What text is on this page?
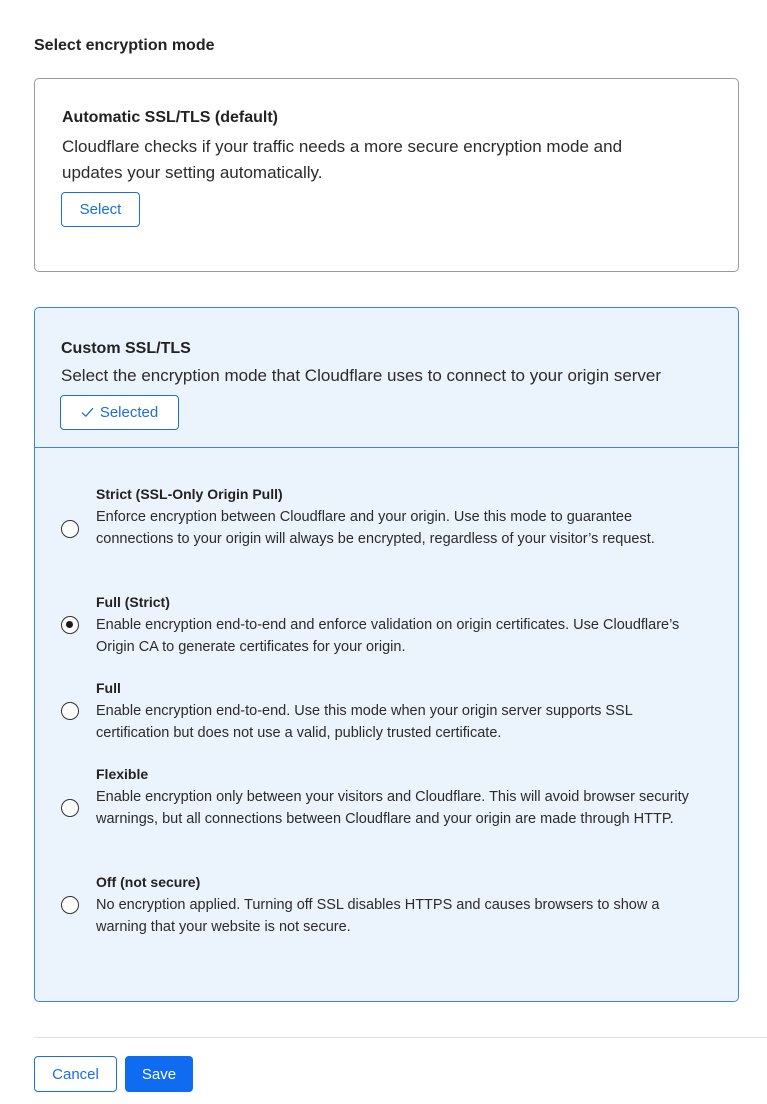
Select encryption mode
Automatic SSL/TLS (default)
Cloudflare checks if your traffic needs a more secure encryption mode and updates your setting automatically.
Select
Custom SSL/TLS
Select the encryption mode that Cloudflare uses to connect to your origin server
Selected
Strict (SSL-Only Origin Pull)
Enforce encryption between Cloudflare and your origin. Use this mode to guarantee connections to your origin will always be encrypted, regardless of your visitor’s request.
Full (Strict)
Enable encryption end-to-end and enforce validation on origin certificates. Use Cloudflare’s Origin CA to generate certificates for your origin.
Full
Enable encryption end-to-end. Use this mode when your origin server supports SSL certification but does not use a valid, publicly trusted certificate.
Flexible
Enable encryption only between your visitors and Cloudflare. This will avoid browser security warnings, but all connections between Cloudflare and your origin are made through HTTP.
Off (not secure)
No encryption applied. Turning off SSL disables HTTPS and causes browsers to show a warning that your website is not secure.
Cancel	Save
